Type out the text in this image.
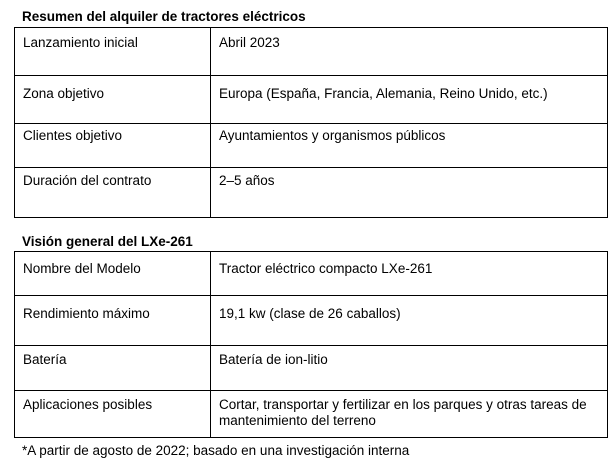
Resumen del alquiler de tractores eléctricos
Lanzamiento inicial	Abril 2023
Zona objetivo	Europa (España, Francia, Alemania, Reino Unido, etc.)
Clientes objetivo	Ayuntamientos y organismos públicos
Duración del contrato	2–5 años
Visión general del LXe-261
Nombre del Modelo	Tractor eléctrico compacto LXe-261
Rendimiento máximo	19,1 kw (clase de 26 caballos)
Batería	Batería de ion-litio
Aplicaciones posibles	Cortar, transportar y fertilizar en los parques y otras tareas de mantenimiento del terreno
*A partir de agosto de 2022; basado en una investigación interna
